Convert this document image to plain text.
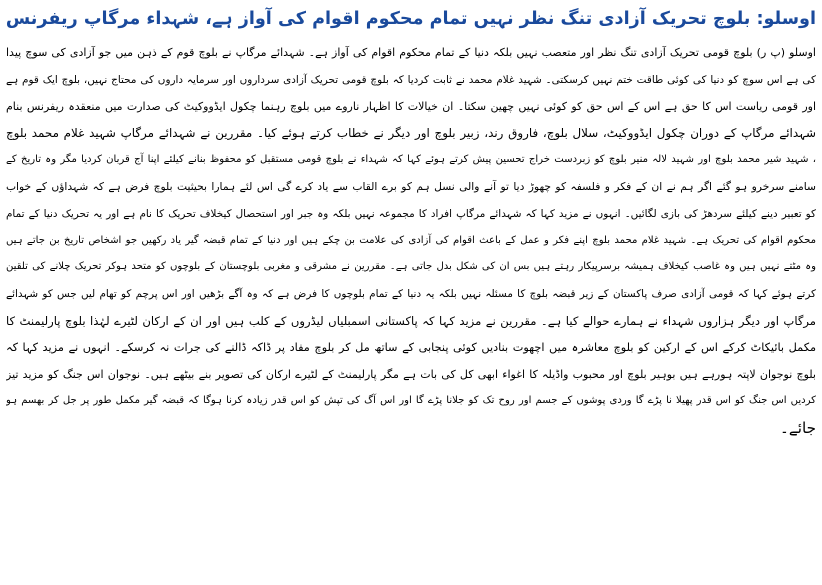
اوسلو: بلوچ تحریک آزادی تنگ نظر نہیں تمام محکوم اقوام کی آواز ہے، شہداء مرگاپ ریفرنس
اوسلو (پ ر) بلوچ قومی تحریک آزادی تنگ نظر اور متعصب نہیں بلکہ دنیا کے تمام محکوم اقوام کی آواز ہے۔ شہدائے مرگاپ نے بلوچ قوم کے ذہن میں جو آزادی کی سوچ پیدا
کی ہے اس سوچ کو دنیا کی کوئی طاقت ختم نہیں کرسکتی۔ شہید غلام محمد نے ثابت کردیا کہ بلوچ قومی تحریک آزادی سرداروں اور سرمایہ داروں کی محتاج نہیں، بلوچ ایک قوم ہے
اور قومی ریاست اس کا حق ہے اس کے اس حق کو کوئی نہیں چھین سکتا۔ ان خیالات کا اظہار ناروے میں بلوچ رہنما چکول ایڈووکیٹ کی صدارت میں منعقدہ ریفرنس بنام
شہدائے مرگاپ کے دوران چکول ایڈووکیٹ، سلال بلوچ، فاروق رند، زبیر بلوچ اور دیگر نے خطاب کرتے ہوئے کیا۔ مقررین نے شہدائے مرگاپ شہید غلام محمد بلوچ
، شہید شیر محمد بلوچ اور شہید لالہ منیر بلوچ کو زبردست خراج تحسین پیش کرتے ہوئے کہا کہ شہداء نے بلوچ قومی مستقبل کو محفوظ بنانے کیلئے اپنا آج قربان کردیا مگر وہ تاریخ کے
سامنے سرخرو ہو گئے اگر ہم نے ان کے فکر و فلسفہ کو چھوڑ دیا تو آنے والی نسل ہم کو برے القاب سے یاد کرے گی اس لئے ہمارا بحیثیت بلوچ فرض ہے کہ شہداؤں کے خواب
کو تعبیر دینے کیلئے سردھڑ کی بازی لگائیں۔ انہوں نے مزید کہا کہ شہدائے مرگاپ افراد کا مجموعہ نہیں بلکہ وہ جبر اور استحصال کیخلاف تحریک کا نام ہے اور یہ تحریک دنیا کے تمام
محکوم اقوام کی تحریک ہے۔ شہید غلام محمد بلوچ اپنے فکر و عمل کے باعث اقوام کی آزادی کی علامت بن چکے ہیں اور دنیا کے تمام قبضہ گیر یاد رکھیں جو اشخاص تاریخ بن جاتے ہیں
وہ مٹتے نہیں ہیں وہ غاصب کیخلاف ہمیشہ برسرپیکار رہتے ہیں بس ان کی شکل بدل جاتی ہے۔ مقررین نے مشرقی و مغربی بلوچستان کے بلوچوں کو متحد ہوکر تحریک چلانے کی تلقین
کرتے ہوئے کہا کہ قومی آزادی صرف پاکستان کے زیر قبضہ بلوچ کا مسئلہ نہیں بلکہ یہ دنیا کے تمام بلوچوں کا فرض ہے کہ وہ آگے بڑھیں اور اس پرچم کو تھام لیں جس کو شہدائے
مرگاپ اور دیگر ہزاروں شہداء نے ہمارے حوالے کیا ہے۔ مقررین نے مزید کہا کہ پاکستانی اسمبلیاں لیڈروں کے کلب ہیں اور ان کے ارکان لٹیرے لہٰذا بلوچ پارلیمنٹ کا
مکمل بائیکاٹ کرکے اس کے ارکین کو بلوچ معاشرہ میں اچھوت بنادیں کوئی پنجابی کے ساتھ مل کر بلوچ مفاد پر ڈاکہ ڈالنے کی جرات نہ کرسکے۔ انہوں نے مزید کہا کہ
بلوچ نوجوان لاپتہ ہورہے ہیں بوہیر بلوچ اور محبوب واڈیلہ کا اغواء ابھی کل کی بات ہے مگر پارلیمنٹ کے لٹیرے ارکان کی تصویر بنے بیٹھے ہیں۔ نوجوان اس جنگ کو مزید تیز
کردیں اس جنگ کو اس قدر پھیلا نا پڑے گا وردی پوشوں کے جسم اور روح تک کو جلانا پڑے گا اور اس آگ کی تپش کو اس قدر زیادہ کرنا ہوگا کہ قبضہ گیر مکمل طور پر جل کر بھسم ہو
جائے۔
